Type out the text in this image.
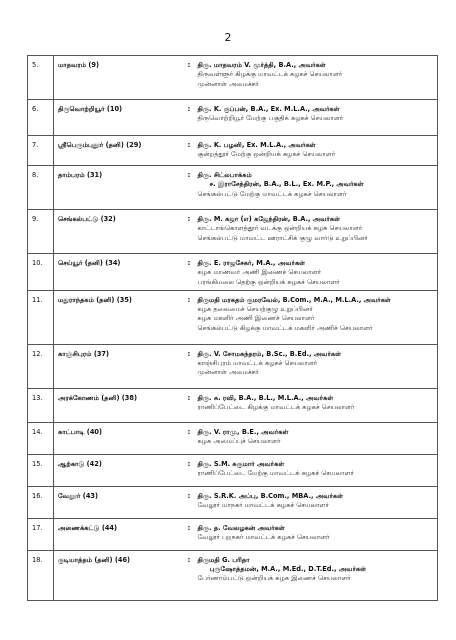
2
5.	மாதவரம் (9)	:	திரு. மாதவரம் V. மூர்த்தி, B.A., அவர்கள்
திருவள்ளூர் கிழக்கு மாவட்டக் கழகச் செயலாளர்
முன்னாள் அமைச்சர்

6.	திருவொற்றியூர் (10)	:	திரு. K. குப்பன், B.A., Ex. M.L.A., அவர்கள்
திருவொற்றியூர் மேற்கு பகுதிக் கழகச் செயலாளர்

7.	ஸ்ரீபெரும்புதூர் (தனி) (29)	:	திரு. K. பழனி, Ex. M.L.A., அவர்கள்
குன்றத்தூர் மேற்கு ஒன்றியக் கழகச் செயலாளர்

8.	தாம்பரம் (31)	:	திரு. சிட்லபாக்கம்
ச. இராசேந்திரன், B.A., B.L., Ex. M.P., அவர்கள்
செங்கல்பட்டு மேற்கு மாவட்டக் கழகச் செயலாளர்

9.	செங்கல்பட்டு (32)	:	திரு. M. கஜா (எ) கஜேந்திரன், B.A., அவர்கள்
காட்டாங்கொளத்தூர் வடக்கு ஒன்றியக் கழக செயலாளர்
செங்கல்பட்டு மாவட்ட ஊராட்சிக் குழு வார்டு உறுப்பினர்

10.	செய்யூர் (தனி) (34)	:	திரு. E. ராஜசேகர், M.A., அவர்கள்
கழக மாணவர் அணி இணைச் செயலாளர்
பரங்கிமலை தெற்கு ஒன்றியக் கழகச் செயலாளர்

11.	மதுராந்தகம் (தனி) (35)	:	திருமதி மரகதம் குமரவேல், B.Com., M.A., M.L.A., அவர்கள்
கழக தலைமைச் செயற்குழு உறுப்பினர்
கழக மகளிர் அணி இணைச் செயலாளர்
செங்கல்பட்டு கிழக்கு மாவட்டக் மகளிர் அணிச் செயலாளர்

12.	காஞ்சிபுரம் (37)	:	திரு. V. சோமசுந்தரம், B.Sc., B.Ed., அவர்கள்
காஞ்சிபுரம் மாவட்டக் கழகச் செயலாளர்
முன்னாள் அமைச்சர்

13.	அரக்கோணம் (தனி) (38)	:	திரு. சு. ரவி, B.A., B.L., M.L.A., அவர்கள்
ராணிப்பேட்டை கிழக்கு மாவட்டக் கழகச் செயலாளர்

14.	காட்பாடி (40)	:	திரு. V. ராமு, B.E., அவர்கள்
கழக அமைப்புச் செயலாளர்

15.	ஆற்காடு (42)	:	திரு. S.M. சுகுமார் அவர்கள்
ராணிப்பேட்டை மேற்கு மாவட்டக் கழகச் செயலாளர்

16.	வேலூர் (43)	:	திரு. S.R.K. அப்பு, B.Com., MBA., அவர்கள்
வேலூர் மாநகர் மாவட்டக் கழகச் செயலாளர்

17.	அணைக்கட்டு (44)	:	திரு. த. வேலழகன் அவர்கள்
வேலூர் புறநகர் மாவட்டக் கழகச் செயலாளர்

18.	குடியாத்தம் (தனி) (46)	:	திருமதி G. பரிதா
புருஷோத்தமன், M.A., M.Ed., D.T.Ed., அவர்கள்
பேர்ணாம்பட்டு ஒன்றியக் கழக இணைச் செயலாளர்
